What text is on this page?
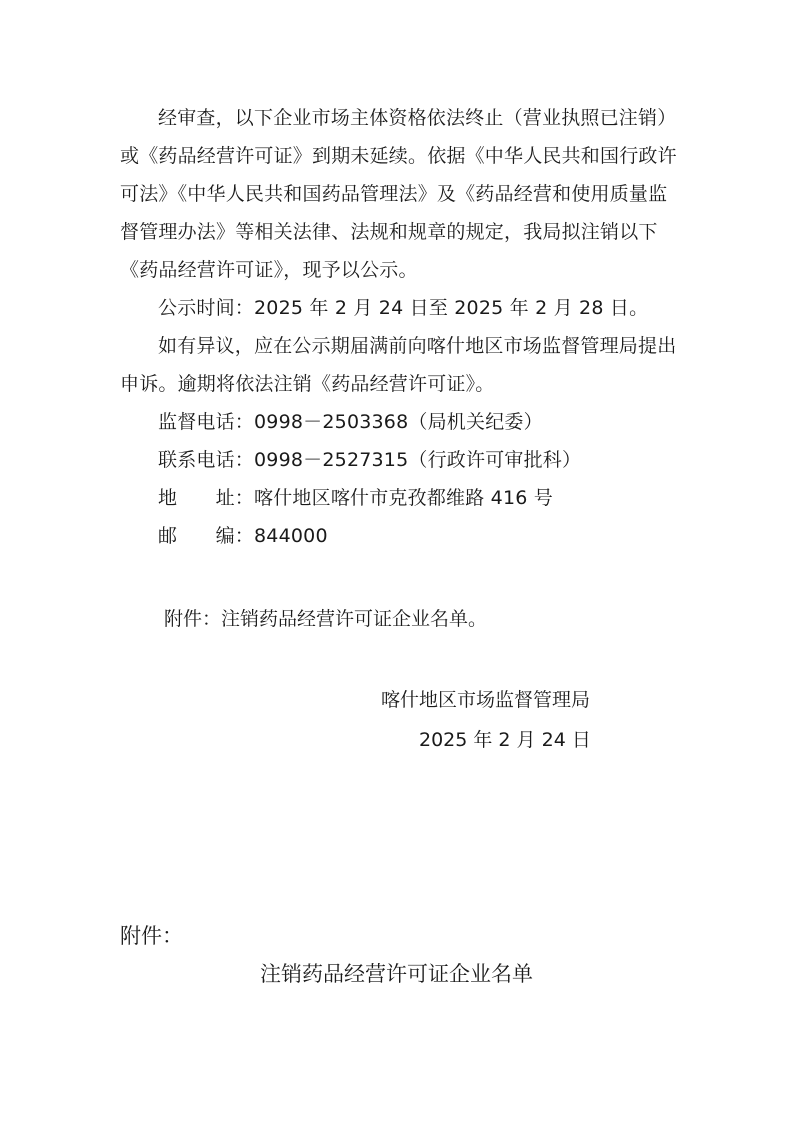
经审查，以下企业市场主体资格依法终止（营业执照已注销）或《药品经营许可证》到期未延续。依据《中华人民共和国行政许可法》《中华人民共和国药品管理法》及《药品经营和使用质量监督管理办法》等相关法律、法规和规章的规定，我局拟注销以下《药品经营许可证》，现予以公示。

公示时间：2025 年 2 月 24 日至 2025 年 2 月 28 日。

如有异议，应在公示期届满前向喀什地区市场监督管理局提出申诉。逾期将依法注销《药品经营许可证》。

监督电话：0998－2503368（局机关纪委）
联系电话：0998－2527315（行政许可审批科）
地　　址：喀什地区喀什市克孜都维路 416 号
邮　　编：844000
附件：注销药品经营许可证企业名单。
喀什地区市场监督管理局
2025 年 2 月 24 日
附件：
注销药品经营许可证企业名单
